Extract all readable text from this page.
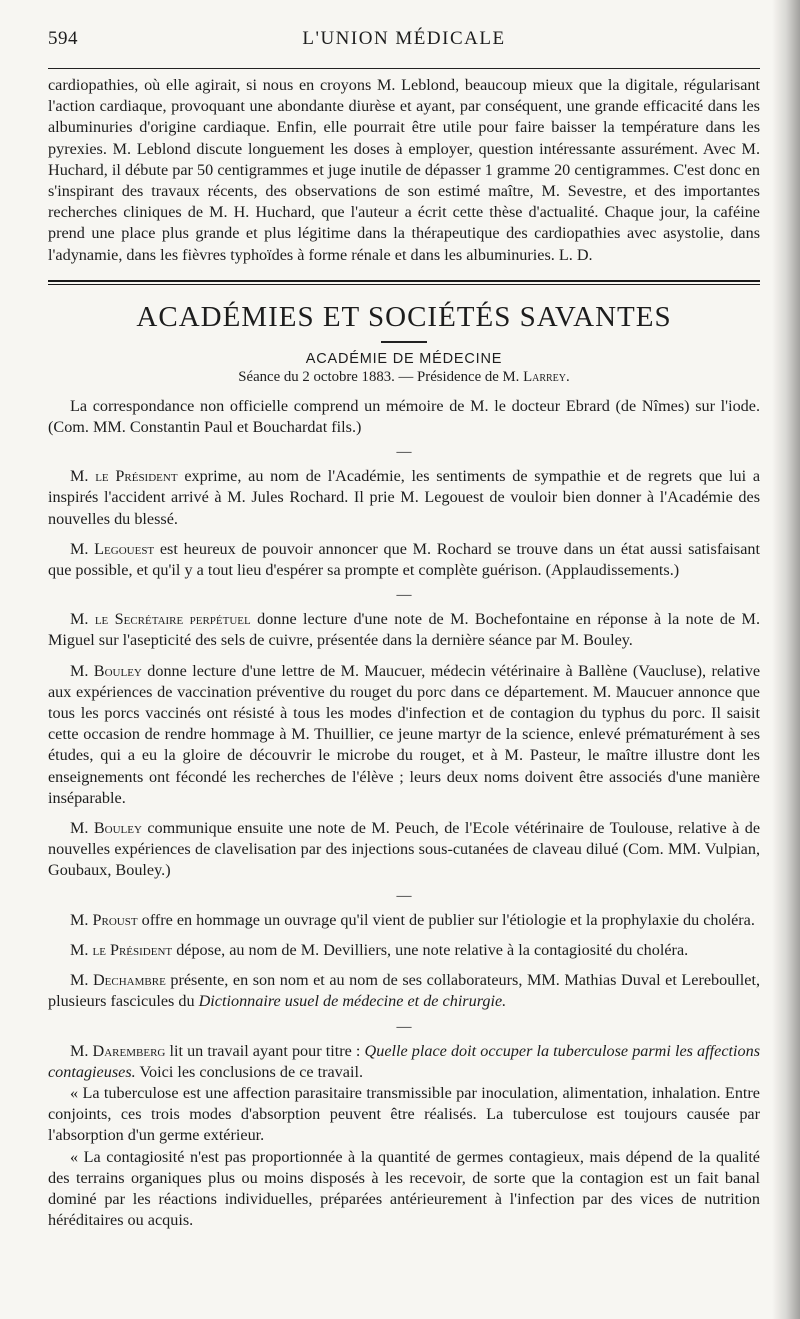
594	L'UNION MÉDICALE

cardiopathies, où elle agirait, si nous en croyons M. Leblond, beaucoup mieux que la digitale, régularisant l'action cardiaque, provoquant une abondante diurèse et ayant, par conséquent, une grande efficacité dans les albuminuries d'origine cardiaque. Enfin, elle pourrait être utile pour faire baisser la température dans les pyrexies. M. Leblond discute longuement les doses à employer, question intéressante assurément. Avec M. Huchard, il débute par 50 centigrammes et juge inutile de dépasser 1 gramme 20 centigrammes. C'est donc en s'inspirant des travaux récents, des observations de son estimé maître, M. Sevestre, et des importantes recherches cliniques de M. H. Huchard, que l'auteur a écrit cette thèse d'actualité. Chaque jour, la caféine prend une place plus grande et plus légitime dans la thérapeutique des cardiopathies avec asystolie, dans l'adynamie, dans les fièvres typhoïdes à forme rénale et dans les albuminuries. L. D.

ACADÉMIES ET SOCIÉTÉS SAVANTES
ACADÉMIE DE MÉDECINE
Séance du 2 octobre 1883. — Présidence de M. Larrey.

La correspondance non officielle comprend un mémoire de M. le docteur Ebrard (de Nîmes) sur l'iode. (Com. MM. Constantin Paul et Bouchardat fils.)

—

M. le Président exprime, au nom de l'Académie, les sentiments de sympathie et de regrets que lui a inspirés l'accident arrivé à M. Jules Rochard. Il prie M. Legouest de vouloir bien donner à l'Académie des nouvelles du blessé.

M. Legouest est heureux de pouvoir annoncer que M. Rochard se trouve dans un état aussi satisfaisant que possible, et qu'il y a tout lieu d'espérer sa prompte et complète guérison. (Applaudissements.)

—

M. le Secrétaire perpétuel donne lecture d'une note de M. Bochefontaine en réponse à la note de M. Miguel sur l'asepticité des sels de cuivre, présentée dans la dernière séance par M. Bouley.

M. Bouley donne lecture d'une lettre de M. Maucuer, médecin vétérinaire à Ballène (Vaucluse), relative aux expériences de vaccination préventive du rouget du porc dans ce département. M. Maucuer annonce que tous les porcs vaccinés ont résisté à tous les modes d'infection et de contagion du typhus du porc. Il saisit cette occasion de rendre hommage à M. Thuillier, ce jeune martyr de la science, enlevé prématurément à ses études, qui a eu la gloire de découvrir le microbe du rouget, et à M. Pasteur, le maître illustre dont les enseignements ont fécondé les recherches de l'élève ; leurs deux noms doivent être associés d'une manière inséparable.

M. Bouley communique ensuite une note de M. Peuch, de l'Ecole vétérinaire de Toulouse, relative à de nouvelles expériences de clavelisation par des injections sous-cutanées de claveau dilué (Com. MM. Vulpian, Goubaux, Bouley.)

—

M. Proust offre en hommage un ouvrage qu'il vient de publier sur l'étiologie et la prophylaxie du choléra.

M. le Président dépose, au nom de M. Devilliers, une note relative à la contagiosité du choléra.

M. Dechambre présente, en son nom et au nom de ses collaborateurs, MM. Mathias Duval et Lereboullet, plusieurs fascicules du Dictionnaire usuel de médecine et de chirurgie.

—

M. Daremberg lit un travail ayant pour titre : Quelle place doit occuper la tuberculose parmi les affections contagieuses. Voici les conclusions de ce travail.

« La tuberculose est une affection parasitaire transmissible par inoculation, alimentation, inhalation. Entre conjoints, ces trois modes d'absorption peuvent être réalisés. La tuberculose est toujours causée par l'absorption d'un germe extérieur.

« La contagiosité n'est pas proportionnée à la quantité de germes contagieux, mais dépend de la qualité des terrains organiques plus ou moins disposés à les recevoir, de sorte que la contagion est un fait banal dominé par les réactions individuelles, préparées antérieurement à l'infection par des vices de nutrition héréditaires ou acquis.
